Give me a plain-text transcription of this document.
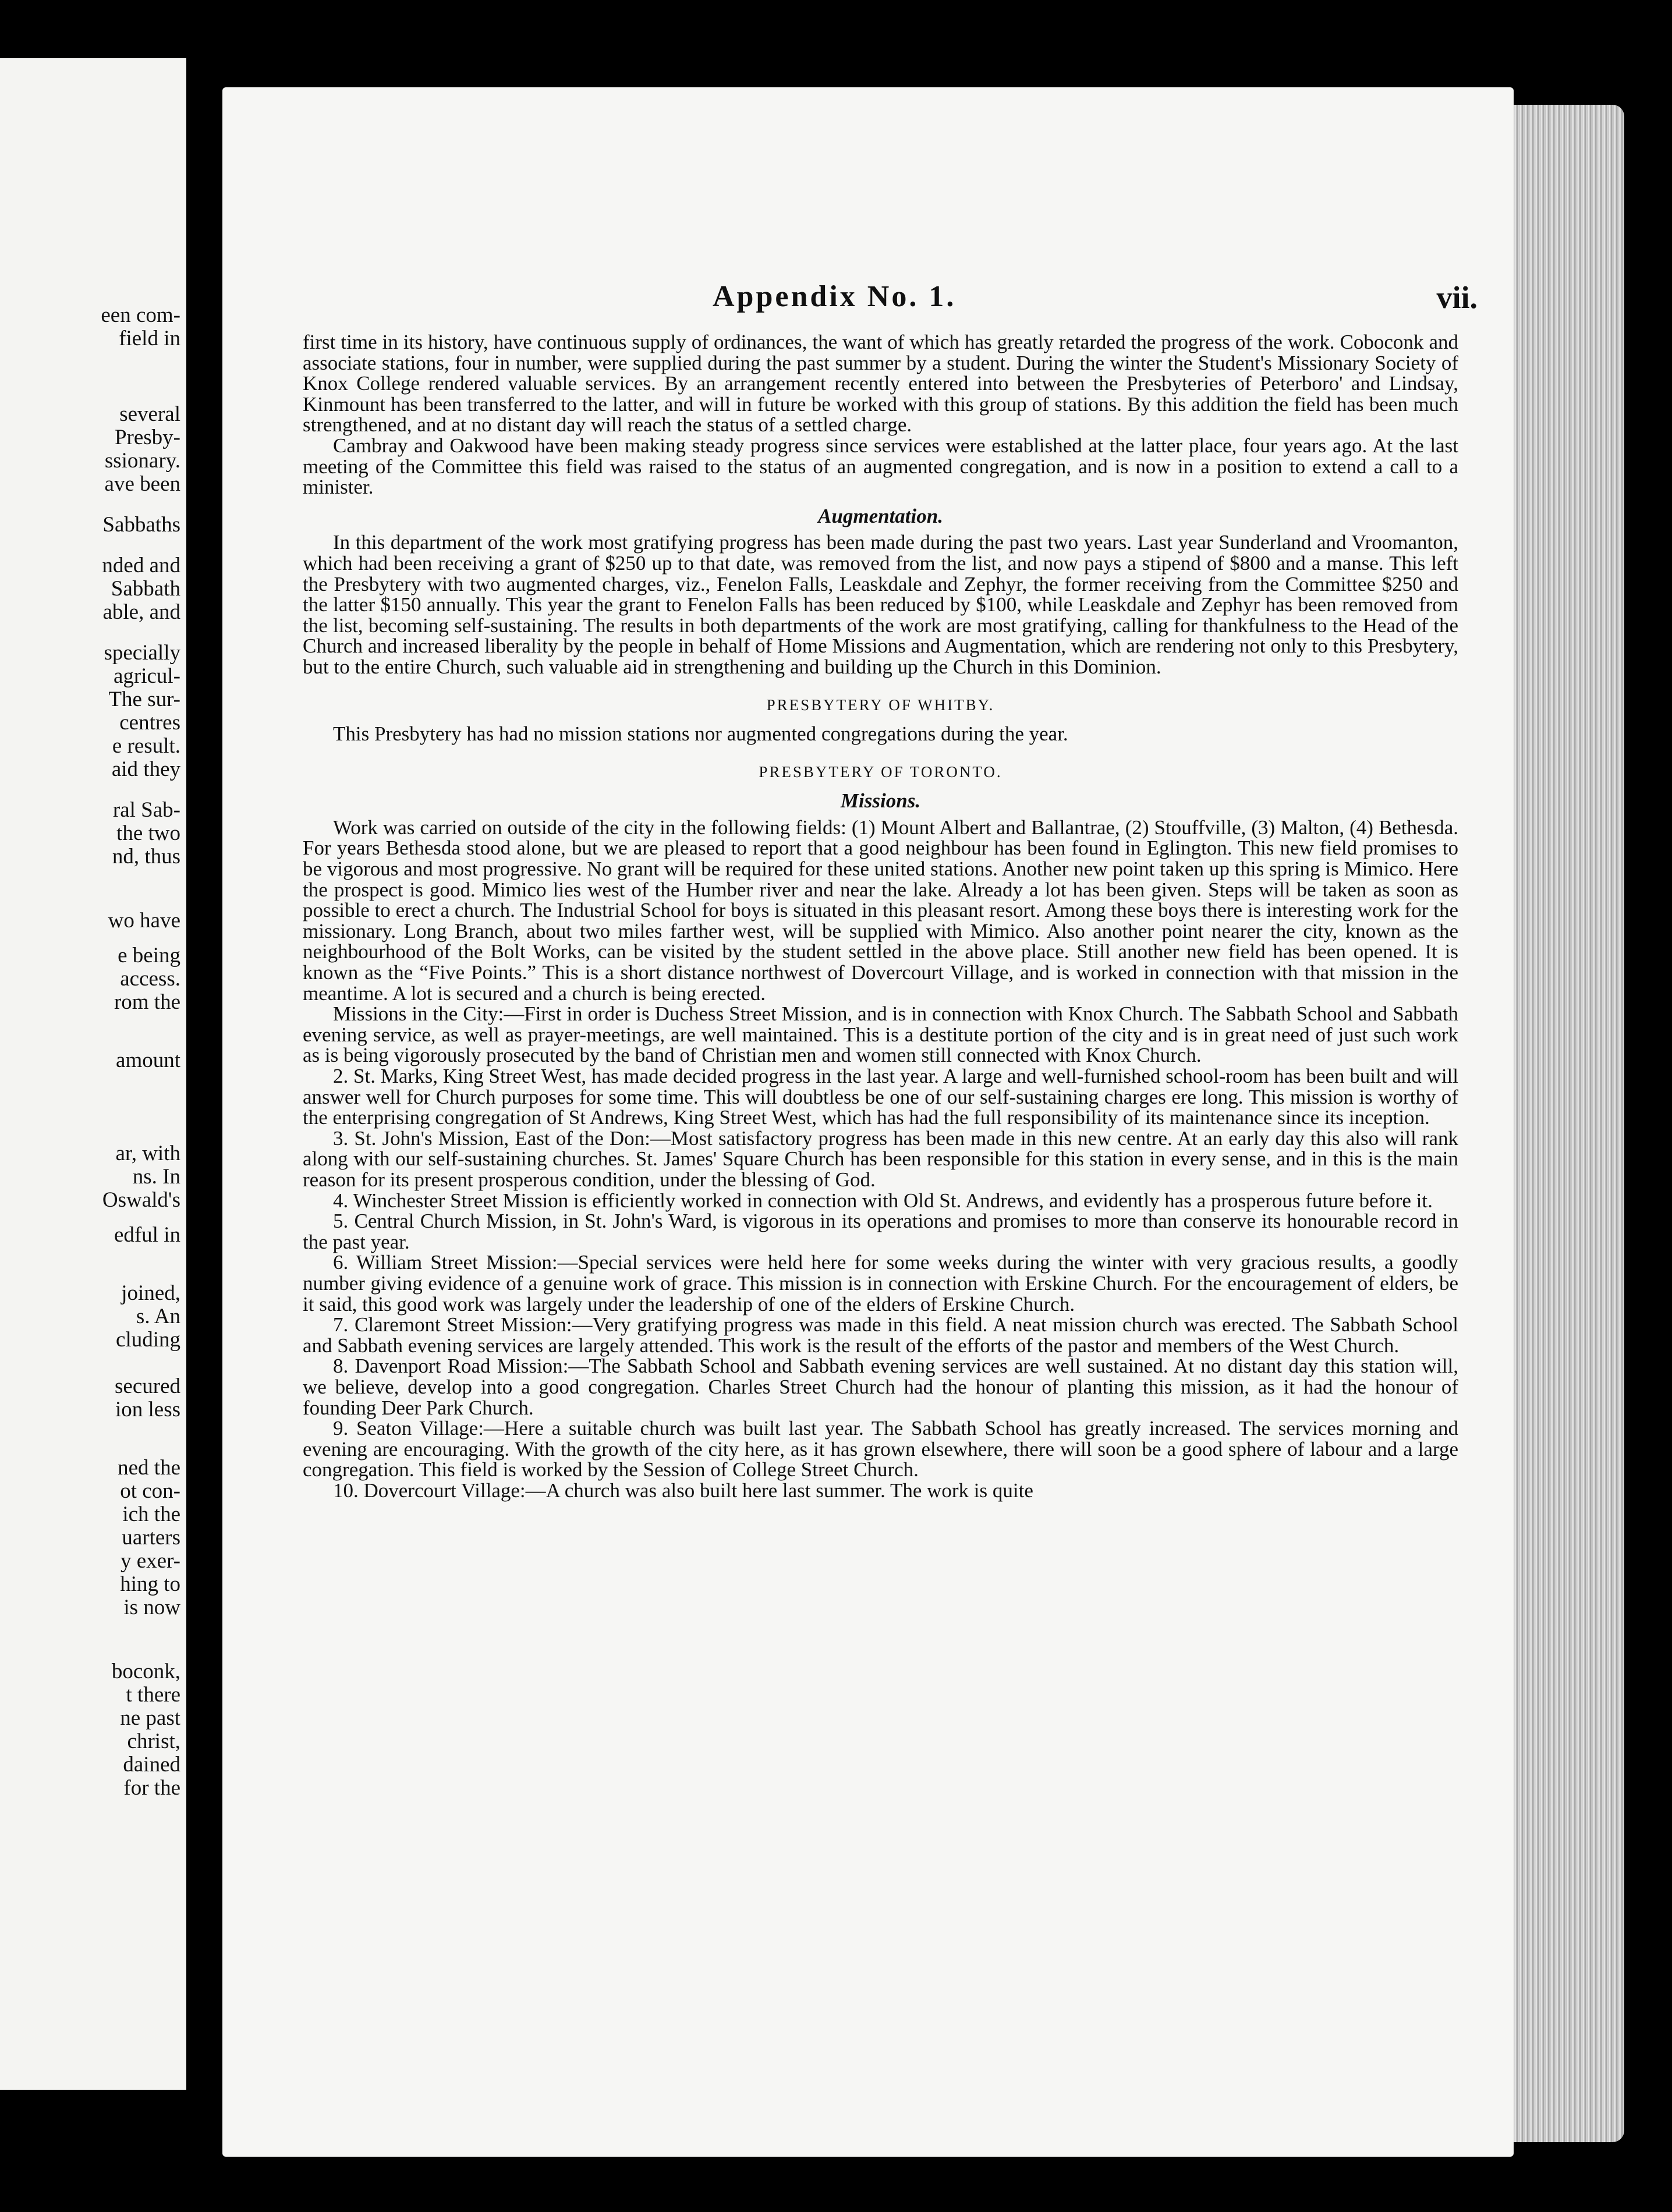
een com-
field in
several
Presby-
ssionary.
ave been
Sabbaths
nded and
Sabbath
able, and
specially
agricul-
The sur-
centres
e result.
aid they
ral Sab-
the two
nd, thus
wo have
e being
access.
rom the
amount
ar, with
ns. In
Oswald's
edful in
joined,
s. An
cluding
secured
ion less
ned the
ot con-
ich the
uarters
y exer-
hing to
is now
boconk,
t there
ne past
christ,
dained
for the
Appendix No. 1.	vii.

first time in its history, have continuous supply of ordinances, the want of which has greatly retarded the progress of the work. Coboconk and associate stations, four in number, were supplied during the past summer by a student. During the winter the Student's Missionary Society of Knox College rendered valuable services. By an arrangement recently entered into between the Presbyteries of Peterboro' and Lindsay, Kinmount has been transferred to the latter, and will in future be worked with this group of stations. By this addition the field has been much strengthened, and at no distant day will reach the status of a settled charge.

Cambray and Oakwood have been making steady progress since services were established at the latter place, four years ago. At the last meeting of the Committee this field was raised to the status of an augmented congregation, and is now in a position to extend a call to a minister.

Augmentation.

In this department of the work most gratifying progress has been made during the past two years. Last year Sunderland and Vroomanton, which had been receiving a grant of $250 up to that date, was removed from the list, and now pays a stipend of $800 and a manse. This left the Presbytery with two augmented charges, viz., Fenelon Falls, Leaskdale and Zephyr, the former receiving from the Committee $250 and the latter $150 annually. This year the grant to Fenelon Falls has been reduced by $100, while Leaskdale and Zephyr has been removed from the list, becoming self-sustaining. The results in both departments of the work are most gratifying, calling for thankfulness to the Head of the Church and increased liberality by the people in behalf of Home Missions and Augmentation, which are rendering not only to this Presbytery, but to the entire Church, such valuable aid in strengthening and building up the Church in this Dominion.

PRESBYTERY OF WHITBY.

This Presbytery has had no mission stations nor augmented congregations during the year.

PRESBYTERY OF TORONTO.
Missions.

Work was carried on outside of the city in the following fields: (1) Mount Albert and Ballantrae, (2) Stouffville, (3) Malton, (4) Bethesda. For years Bethesda stood alone, but we are pleased to report that a good neighbour has been found in Eglington. This new field promises to be vigorous and most progressive. No grant will be required for these united stations. Another new point taken up this spring is Mimico. Here the prospect is good. Mimico lies west of the Humber river and near the lake. Already a lot has been given. Steps will be taken as soon as possible to erect a church. The Industrial School for boys is situated in this pleasant resort. Among these boys there is interesting work for the missionary. Long Branch, about two miles farther west, will be supplied with Mimico. Also another point nearer the city, known as the neighbourhood of the Bolt Works, can be visited by the student settled in the above place. Still another new field has been opened. It is known as the “Five Points.” This is a short distance northwest of Dovercourt Village, and is worked in connection with that mission in the meantime. A lot is secured and a church is being erected.

Missions in the City:—First in order is Duchess Street Mission, and is in connection with Knox Church. The Sabbath School and Sabbath evening service, as well as prayer-meetings, are well maintained. This is a destitute portion of the city and is in great need of just such work as is being vigorously prosecuted by the band of Christian men and women still connected with Knox Church.

2. St. Marks, King Street West, has made decided progress in the last year. A large and well-furnished school-room has been built and will answer well for Church purposes for some time. This will doubtless be one of our self-sustaining charges ere long. This mission is worthy of the enterprising congregation of St Andrews, King Street West, which has had the full responsibility of its maintenance since its inception.

3. St. John's Mission, East of the Don:—Most satisfactory progress has been made in this new centre. At an early day this also will rank along with our self-sustaining churches. St. James' Square Church has been responsible for this station in every sense, and in this is the main reason for its present prosperous condition, under the blessing of God.

4. Winchester Street Mission is efficiently worked in connection with Old St. Andrews, and evidently has a prosperous future before it.

5. Central Church Mission, in St. John's Ward, is vigorous in its operations and promises to more than conserve its honourable record in the past year.

6. William Street Mission:—Special services were held here for some weeks during the winter with very gracious results, a goodly number giving evidence of a genuine work of grace. This mission is in connection with Erskine Church. For the encouragement of elders, be it said, this good work was largely under the leadership of one of the elders of Erskine Church.

7. Claremont Street Mission:—Very gratifying progress was made in this field. A neat mission church was erected. The Sabbath School and Sabbath evening services are largely attended. This work is the result of the efforts of the pastor and members of the West Church.

8. Davenport Road Mission:—The Sabbath School and Sabbath evening services are well sustained. At no distant day this station will, we believe, develop into a good congregation. Charles Street Church had the honour of planting this mission, as it had the honour of founding Deer Park Church.

9. Seaton Village:—Here a suitable church was built last year. The Sabbath School has greatly increased. The services morning and evening are encouraging. With the growth of the city here, as it has grown elsewhere, there will soon be a good sphere of labour and a large congregation. This field is worked by the Session of College Street Church.

10. Dovercourt Village:—A church was also built here last summer. The work is quite
